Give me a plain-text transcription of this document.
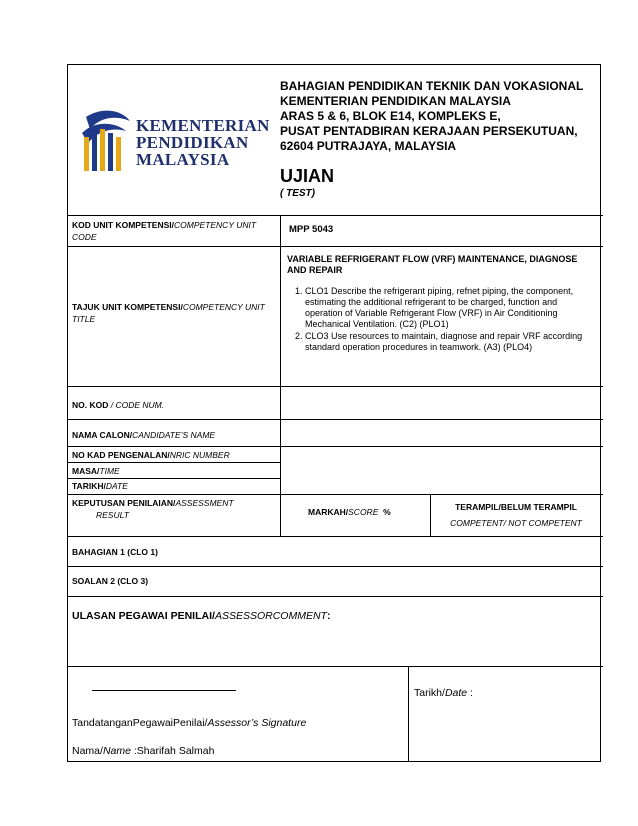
KEMENTERIAN
PENDIDIKAN
MALAYSIA
BAHAGIAN PENDIDIKAN TEKNIK DAN VOKASIONAL
KEMENTERIAN PENDIDIKAN MALAYSIA
ARAS 5 & 6, BLOK E14, KOMPLEKS E,
PUSAT PENTADBIRAN KERAJAAN PERSEKUTUAN,
62604 PUTRAJAYA, MALAYSIA
UJIAN
( TEST)
KOD UNIT KOMPETENSI/COMPETENCY UNIT CODE
MPP 5043
TAJUK UNIT KOMPETENSI/COMPETENCY UNIT TITLE
VARIABLE REFRIGERANT FLOW (VRF) MAINTENANCE, DIAGNOSE AND REPAIR
1. CLO1 Describe the refrigerant piping, refnet piping, the component, estimating the additional refrigerant to be charged, function and operation of Variable Refrigerant Flow (VRF) in Air Conditioning Mechanical Ventilation. (C2) (PLO1)
2. CLO3 Use resources to maintain, diagnose and repair VRF according standard operation procedures in teamwork. (A3) (PLO4)
NO. KOD / CODE NUM.
NAMA CALON/CANDIDATE’S NAME
NO KAD PENGENALAN/NRIC NUMBER
MASA/TIME
TARIKH/DATE
KEPUTUSAN PENILAIAN/ASSESSMENT
RESULT	MARKAH/SCORE %	TERAMPIL/BELUM TERAMPIL
COMPETENT/ NOT COMPETENT
BAHAGIAN 1 (CLO 1)
SOALAN 2 (CLO 3)
ULASAN PEGAWAI PENILAI/ASSESSORCOMMENT:
TandatanganPegawaiPenilai/Assessor’s Signature
Nama/Name :Sharifah Salmah
Tarikh/Date :
